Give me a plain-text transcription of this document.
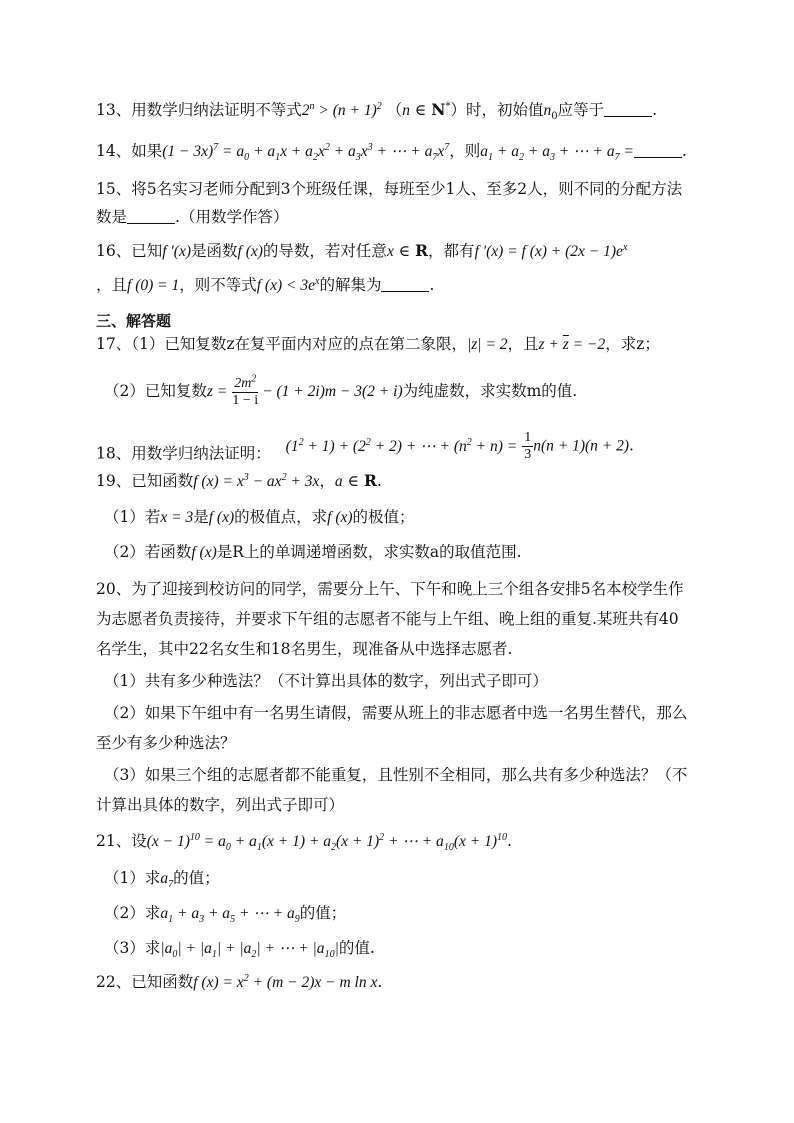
13、用数学归纳法证明不等式$2^n > (n + 1)^2$ （n ∈ N*）时，初始值$n_0$应等于	.
14、如果$(1 - 3x)^7 = a_0 + a_1x + a_2x^2 + a_3x^3$ + ⋯ + $a_7x^7$，则$a_1 + a_2 + a_3$ + ⋯ + $a_7$ =	.
15、将5名实习老师分配到3个班级任课，每班至少1人、至多2人，则不同的分配方法
数是	.（用数学作答）
16、已知f ′(x)是函数f (x)的导数，若对任意x ∈ R，都有f ′(x) = f $(x) + (2x - 1)e^x$
，且f (0) = 1，则不等式f $(x) < 3e^x$的解集为	.
三、解答题
17、（1）已知复数z在复平面内对应的点在第二象限，|z| = 2，且$z + \overline{z} = -2$，求z；
（2）已知复数$z = \frac{2m^2}{1 - i} - (1 + 2i)m - 3(2 + i)$为纯虚数，求实数m的值.
18、用数学归纳法证明： $(1^2 + 1) + (2^2 + 2)$ + ⋯ + $(n^2 + n) = \frac{1}{3} n(n + 1)(n + 2)$.
19、已知函数f $(x) = x^3 - ax^2 + 3x$，a ∈ R.
（1）若x = 3是f (x)的极值点，求f (x)的极值；
（2）若函数f (x)是R上的单调递增函数，求实数a的取值范围.
20、为了迎接到校访问的同学，需要分上午、下午和晚上三个组各安排5名本校学生作
为志愿者负责接待，并要求下午组的志愿者不能与上午组、晚上组的重复.某班共有40
名学生，其中22名女生和18名男生，现准备从中选择志愿者.
（1）共有多少种选法？（不计算出具体的数字，列出式子即可）
（2）如果下午组中有一名男生请假，需要从班上的非志愿者中选一名男生替代，那么
至少有多少种选法？
（3）如果三个组的志愿者都不能重复，且性别不全相同，那么共有多少种选法？（不
计算出具体的数字，列出式子即可）
21、设$(x - 1)^{10} = a_0 + a_1(x + 1) + a_2(x + 1)^2$ + ⋯ + $a_{10}(x + 1)^{10}$.
（1）求$a_7$的值；
（2）求$a_1 + a_3 + a_5$ + ⋯ + $a_9$的值；
（3）求$|a_0| + |a_1| + |a_2|$ + ⋯ + $|a_{10}|$的值.
22、已知函数f $(x) = x^2 + (m - 2)x - m$ ln x.
